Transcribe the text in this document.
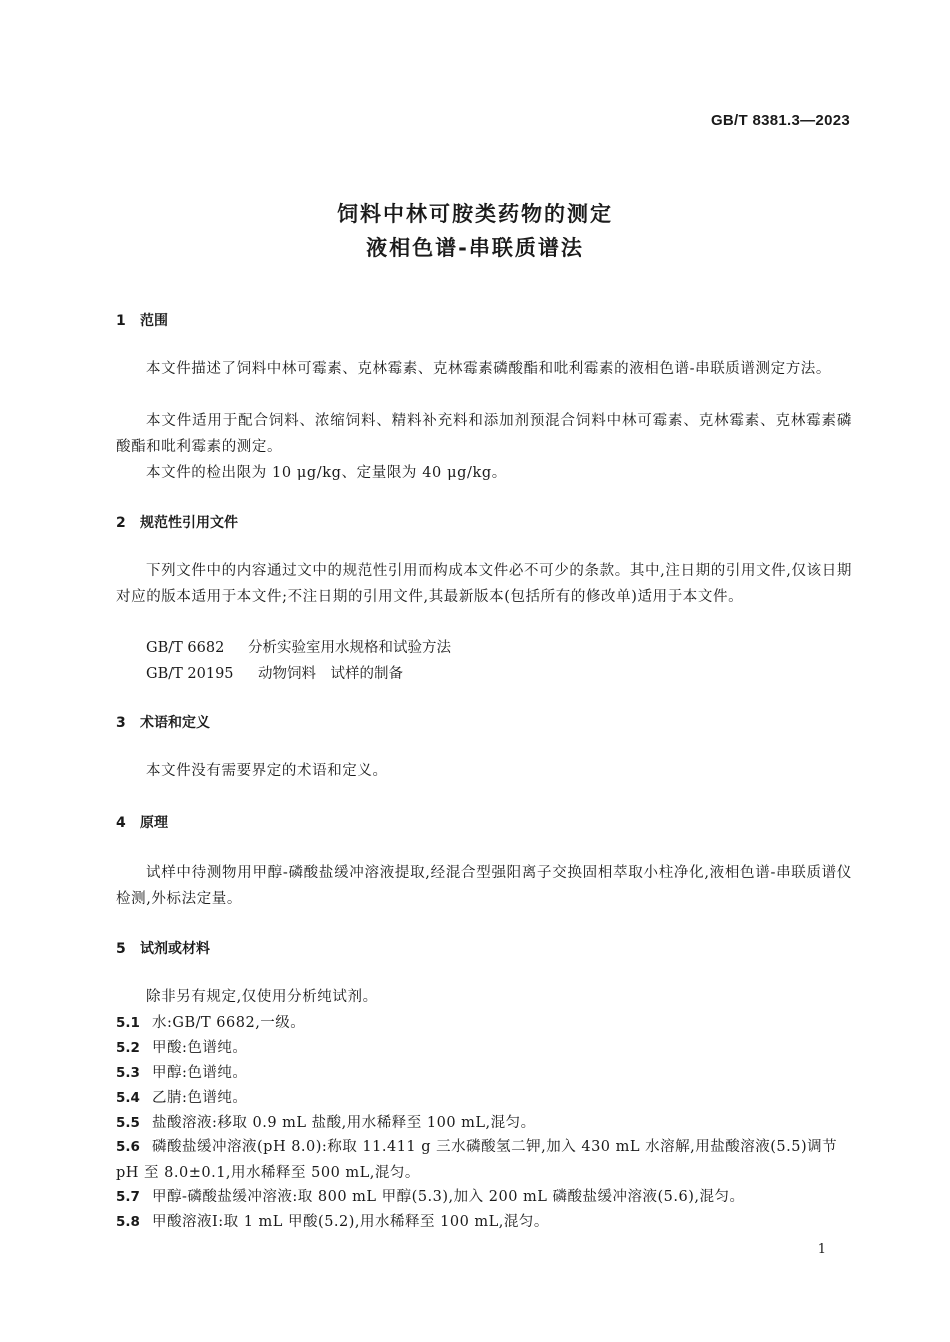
GB/T 8381.3—2023
饲料中林可胺类药物的测定
液相色谱-串联质谱法
1 范围
本文件描述了饲料中林可霉素、克林霉素、克林霉素磷酸酯和吡利霉素的液相色谱-串联质谱测定方法。
本文件适用于配合饲料、浓缩饲料、精料补充料和添加剂预混合饲料中林可霉素、克林霉素、克林霉素磷酸酯和吡利霉素的测定。
本文件的检出限为 10 μg/kg、定量限为 40 μg/kg。
2 规范性引用文件
下列文件中的内容通过文中的规范性引用而构成本文件必不可少的条款。其中,注日期的引用文件,仅该日期对应的版本适用于本文件;不注日期的引用文件,其最新版本(包括所有的修改单)适用于本文件。
GB/T 6682 分析实验室用水规格和试验方法
GB/T 20195 动物饲料　试样的制备
3 术语和定义
本文件没有需要界定的术语和定义。
4 原理
试样中待测物用甲醇-磷酸盐缓冲溶液提取,经混合型强阳离子交换固相萃取小柱净化,液相色谱-串联质谱仪检测,外标法定量。
5 试剂或材料
除非另有规定,仅使用分析纯试剂。
5.1 水:GB/T 6682,一级。
5.2 甲酸:色谱纯。
5.3 甲醇:色谱纯。
5.4 乙腈:色谱纯。
5.5 盐酸溶液:移取 0.9 mL 盐酸,用水稀释至 100 mL,混匀。
5.6 磷酸盐缓冲溶液(pH 8.0):称取 11.411 g 三水磷酸氢二钾,加入 430 mL 水溶解,用盐酸溶液(5.5)调节 pH 至 8.0±0.1,用水稀释至 500 mL,混匀。
5.7 甲醇-磷酸盐缓冲溶液:取 800 mL 甲醇(5.3),加入 200 mL 磷酸盐缓冲溶液(5.6),混匀。
5.8 甲酸溶液Ⅰ:取 1 mL 甲酸(5.2),用水稀释至 100 mL,混匀。
1
